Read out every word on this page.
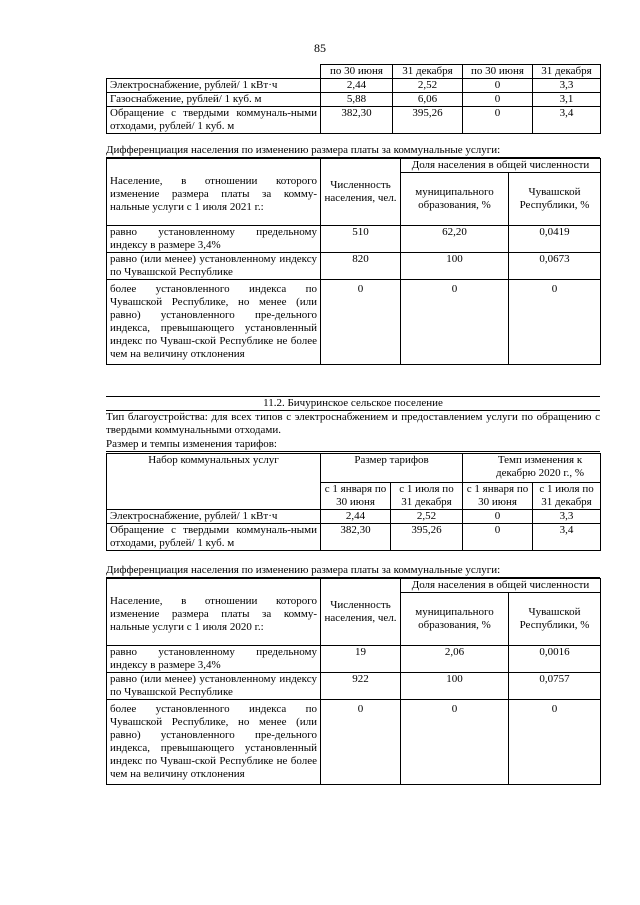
85
	по 30 июня	31 декабря	по 30 июня	31 декабря
Электроснабжение, рублей/ 1 кВт·ч	2,44	2,52	0	3,3
Газоснабжение, рублей/ 1 куб. м	5,88	6,06	0	3,1
Обращение с твердыми коммуналь-ными отходами, рублей/ 1 куб. м	382,30	395,26	0	3,4
Дифференциация населения по изменению размера платы за коммунальные услуги:
Население, в отношении которого изменение размера платы за комму-нальные услуги с 1 июля 2021 г.:	Численность населения, чел.	Доля населения в общей численности	
		муниципального образования, %	Чувашской Республики, %
равно установленному предельному индексу в размере 3,4%	510	62,20	0,0419
равно (или менее) установленному индексу по Чувашской Республике	820	100	0,0673
более установленного индекса по Чувашской Республике, но менее (или равно) установленного пре-дельного индекса, превышающего установленный индекс по Чуваш-ской Республике не более чем на величину отклонения	0	0	0
11.2. Бичуринское сельское поселение
Тип благоустройства: для всех типов с электроснабжением и предоставлением услуги по обращению с твердыми коммунальными отходами.
Размер и темпы изменения тарифов:
Набор коммунальных услуг	Размер тарифов		Темп изменения к декабрю 2020 г., %	
	с 1 января по 30 июня	с 1 июля по 31 декабря	с 1 января по 30 июня	с 1 июля по 31 декабря
Электроснабжение, рублей/ 1 кВт·ч	2,44	2,52	0	3,3
Обращение с твердыми коммуналь-ными отходами, рублей/ 1 куб. м	382,30	395,26	0	3,4
Дифференциация населения по изменению размера платы за коммунальные услуги:
Население, в отношении которого изменение размера платы за комму-нальные услуги с 1 июля 2020 г.:	Численность населения, чел.	Доля населения в общей численности	
		муниципального образования, %	Чувашской Республики, %
равно установленному предельному индексу в размере 3,4%	19	2,06	0,0016
равно (или менее) установленному индексу по Чувашской Республике	922	100	0,0757
более установленного индекса по Чувашской Республике, но менее (или равно) установленного пре-дельного индекса, превышающего установленный индекс по Чуваш-ской Республике не более чем на величину отклонения	0	0	0
